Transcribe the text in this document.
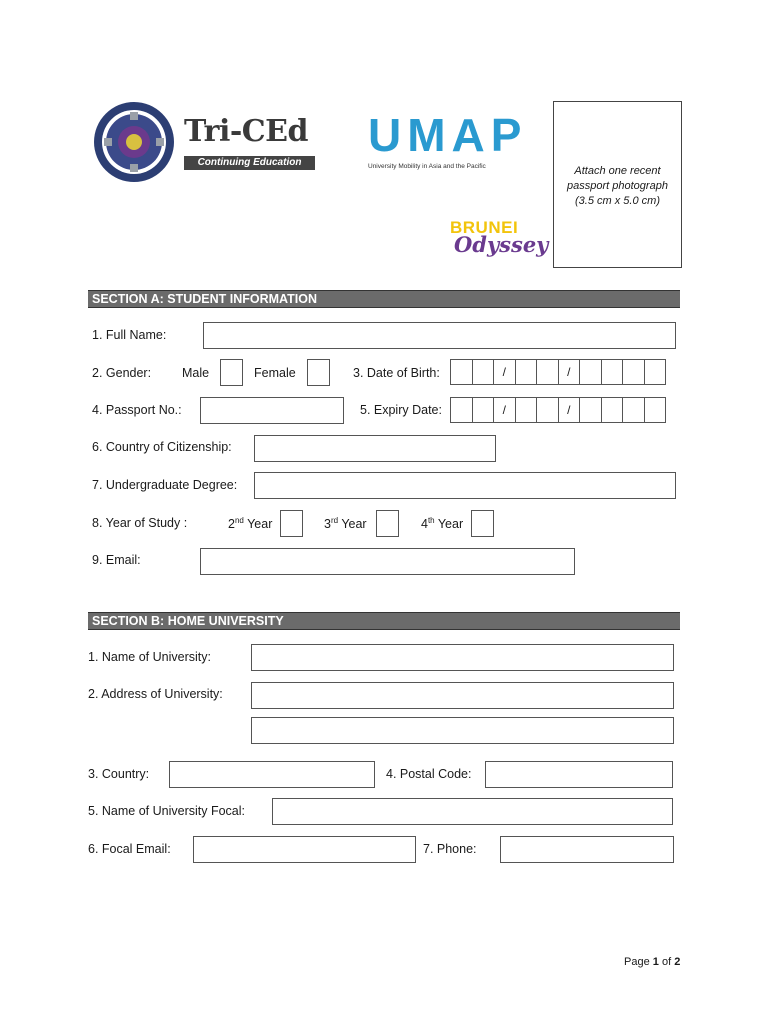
Tri-CEd
Continuing Education
UMAP
University Mobility in Asia and the Pacific
BRUNEI
Odyssey
Attach one recent
passport photograph
(3.5 cm x 5.0 cm)
SECTION A: STUDENT INFORMATION
1. Full Name:
2. Gender: Male	Female	3. Date of Birth:	/	/
4. Passport No.:	5. Expiry Date:	/	/
6. Country of Citizenship:
7. Undergraduate Degree:
8. Year of Study :	2nd Year	3rd Year	4th Year
9. Email:
SECTION B: HOME UNIVERSITY
1. Name of University:
2. Address of University:
3. Country:	4. Postal Code:
5. Name of University Focal:
6. Focal Email:	7. Phone:
Page 1 of 2
